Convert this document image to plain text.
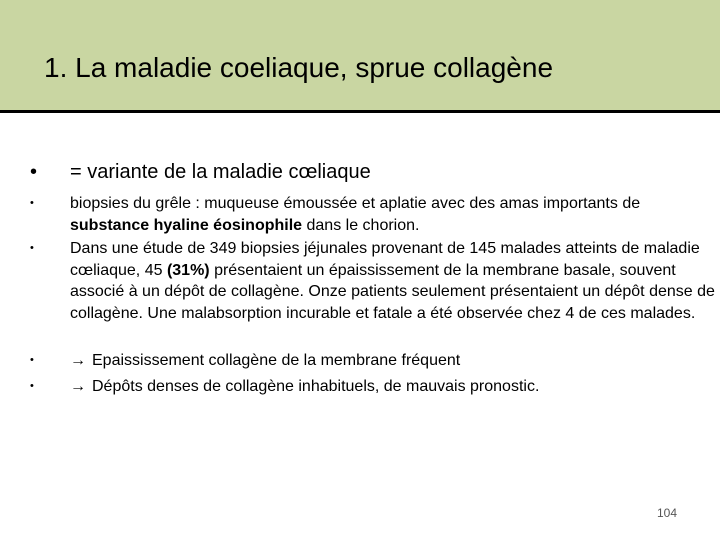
1. La maladie coeliaque, sprue collagène
• = variante de la maladie cœliaque
•	biopsies du grêle : muqueuse émoussée et aplatie avec des amas importants de substance hyaline éosinophile dans le chorion.
•	Dans une étude de 349 biopsies jéjunales provenant de 145 malades atteints de maladie cœliaque, 45 (31%) présentaient un épaississement de la membrane basale, souvent associé à un dépôt de collagène. Onze patients seulement présentaient un dépôt dense de collagène. Une malabsorption incurable et fatale a été observée chez 4 de ces malades.
•	→ Epaississement collagène de la membrane fréquent
•	→ Dépôts denses de collagène inhabituels, de mauvais pronostic.
104
